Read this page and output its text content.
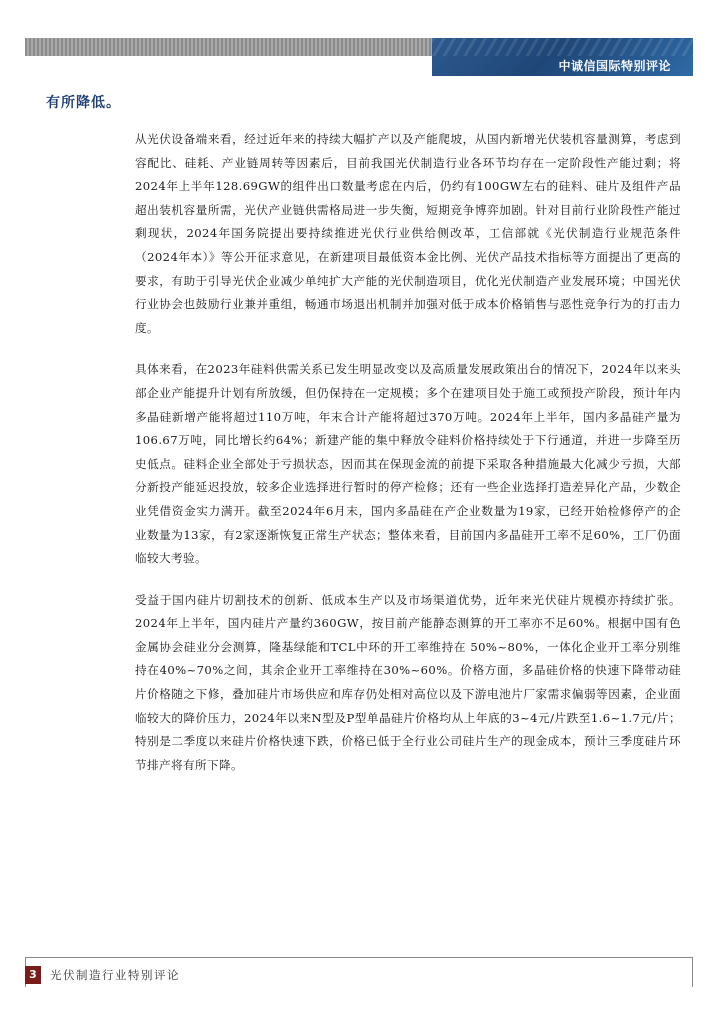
中诚信国际特别评论
有所降低。

从光伏设备端来看，经过近年来的持续大幅扩产以及产能爬坡，从国内新增光伏装机容量测算，考虑到容配比、硅耗、产业链周转等因素后，目前我国光伏制造行业各环节均存在一定阶段性产能过剩；将2024年上半年128.69GW的组件出口数量考虑在内后，仍约有100GW左右的硅料、硅片及组件产品超出装机容量所需，光伏产业链供需格局进一步失衡，短期竞争博弈加剧。针对目前行业阶段性产能过剩现状，2024年国务院提出要持续推进光伏行业供给侧改革，工信部就《光伏制造行业规范条件（2024年本）》等公开征求意见，在新建项目最低资本金比例、光伏产品技术指标等方面提出了更高的要求，有助于引导光伏企业减少单纯扩大产能的光伏制造项目，优化光伏制造产业发展环境；中国光伏行业协会也鼓励行业兼并重组，畅通市场退出机制并加强对低于成本价格销售与恶性竞争行为的打击力度。

具体来看，在2023年硅料供需关系已发生明显改变以及高质量发展政策出台的情况下，2024年以来头部企业产能提升计划有所放缓，但仍保持在一定规模；多个在建项目处于施工或预投产阶段，预计年内多晶硅新增产能将超过110万吨，年末合计产能将超过370万吨。2024年上半年，国内多晶硅产量为106.67万吨，同比增长约64%；新建产能的集中释放令硅料价格持续处于下行通道，并进一步降至历史低点。硅料企业全部处于亏损状态，因而其在保现金流的前提下采取各种措施最大化减少亏损，大部分新投产能延迟投放，较多企业选择进行暂时的停产检修；还有一些企业选择打造差异化产品，少数企业凭借资金实力满开。截至2024年6月末，国内多晶硅在产企业数量为19家，已经开始检修停产的企业数量为13家，有2家逐渐恢复正常生产状态；整体来看，目前国内多晶硅开工率不足60%，工厂仍面临较大考验。

受益于国内硅片切割技术的创新、低成本生产以及市场渠道优势，近年来光伏硅片规模亦持续扩张。2024年上半年，国内硅片产量约360GW，按目前产能静态测算的开工率亦不足60%。根据中国有色金属协会硅业分会测算，隆基绿能和TCL中环的开工率维持在 50%~80%，一体化企业开工率分别维持在40%~70%之间，其余企业开工率维持在30%~60%。价格方面，多晶硅价格的快速下降带动硅片价格随之下修，叠加硅片市场供应和库存仍处相对高位以及下游电池片厂家需求偏弱等因素，企业面临较大的降价压力，2024年以来N型及P型单晶硅片价格均从上年底的3~4元/片跌至1.6~1.7元/片；特别是二季度以来硅片价格快速下跌，价格已低于全行业公司硅片生产的现金成本，预计三季度硅片环节排产将有所下降。

3	光伏制造行业特别评论
